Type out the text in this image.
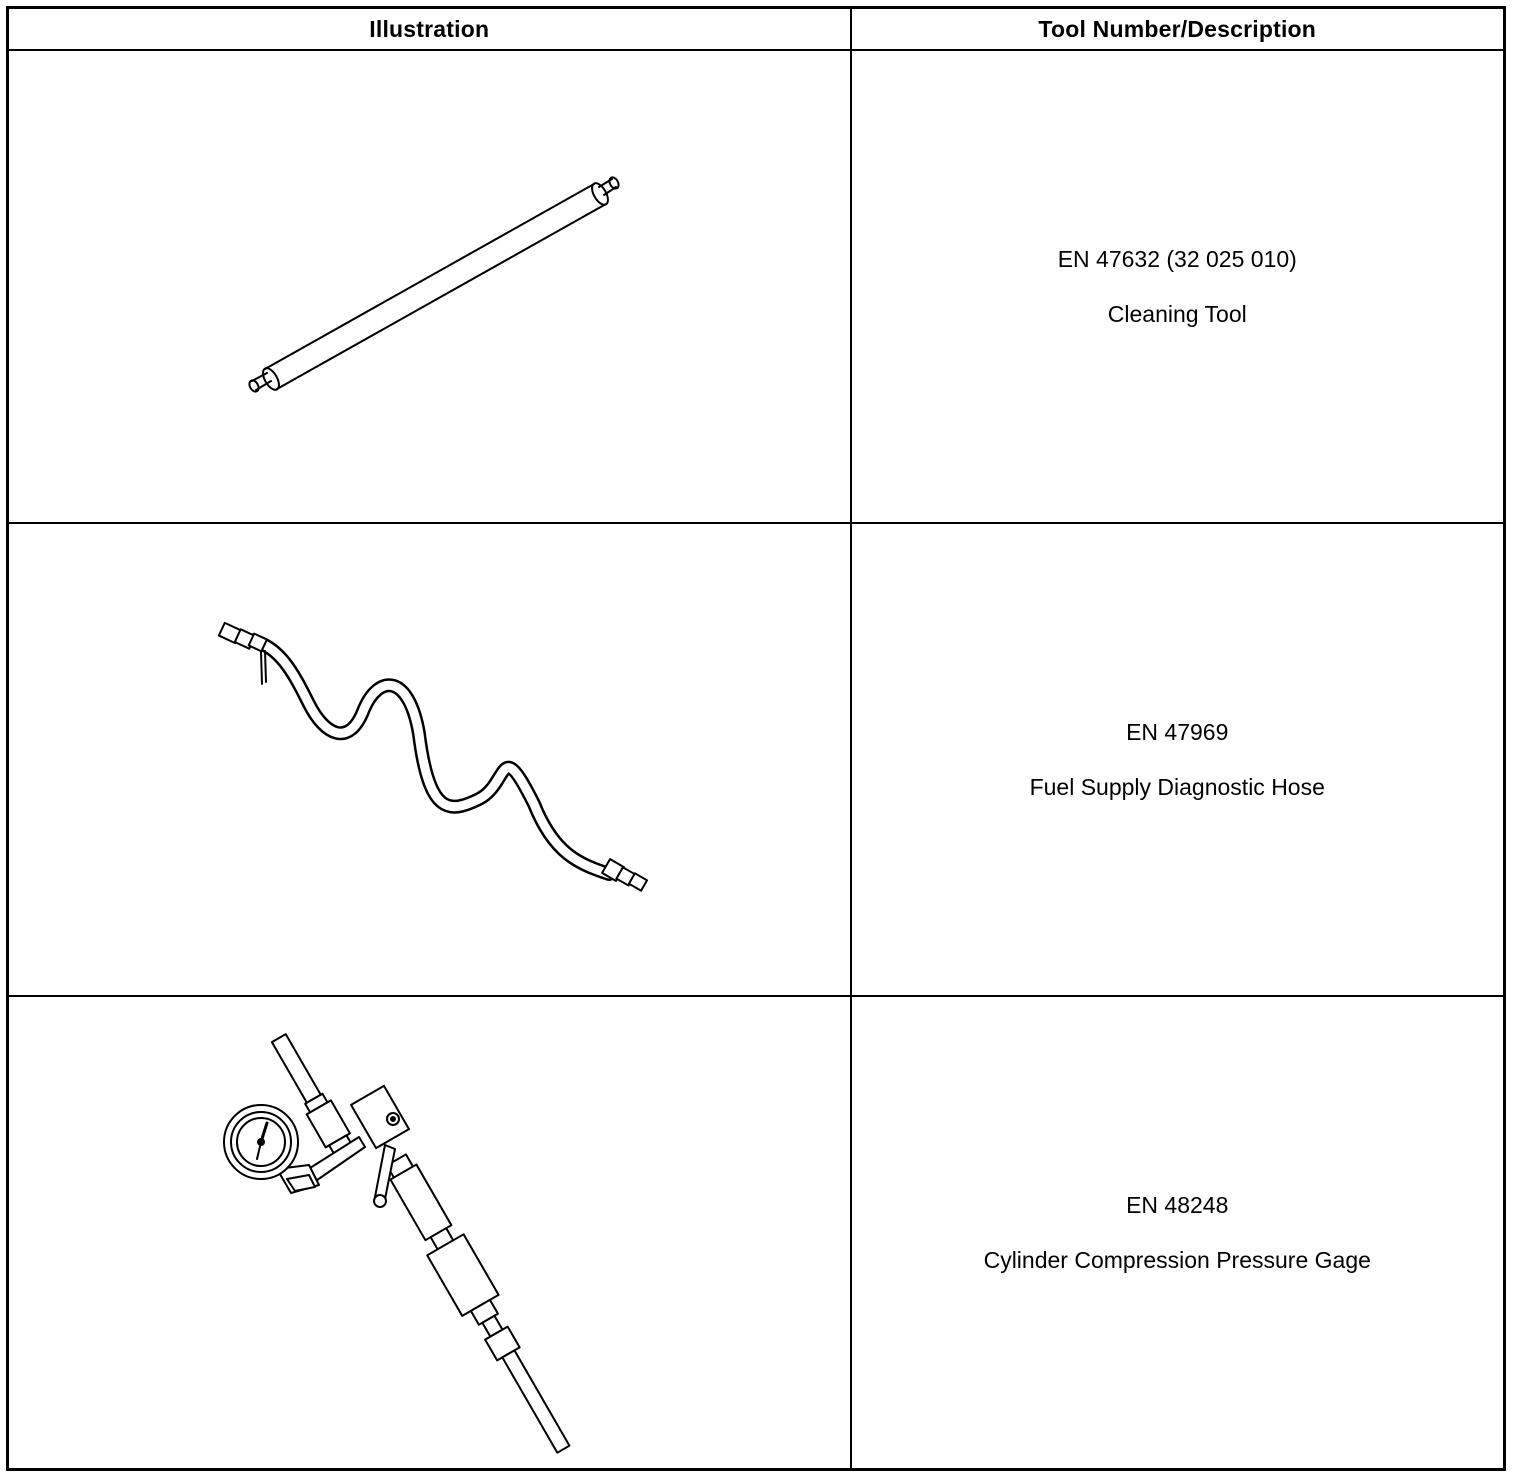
Illustration	Tool Number/Description

EN 47632 (32 025 010)
Cleaning Tool

EN 47969
Fuel Supply Diagnostic Hose

EN 48248
Cylinder Compression Pressure Gage
